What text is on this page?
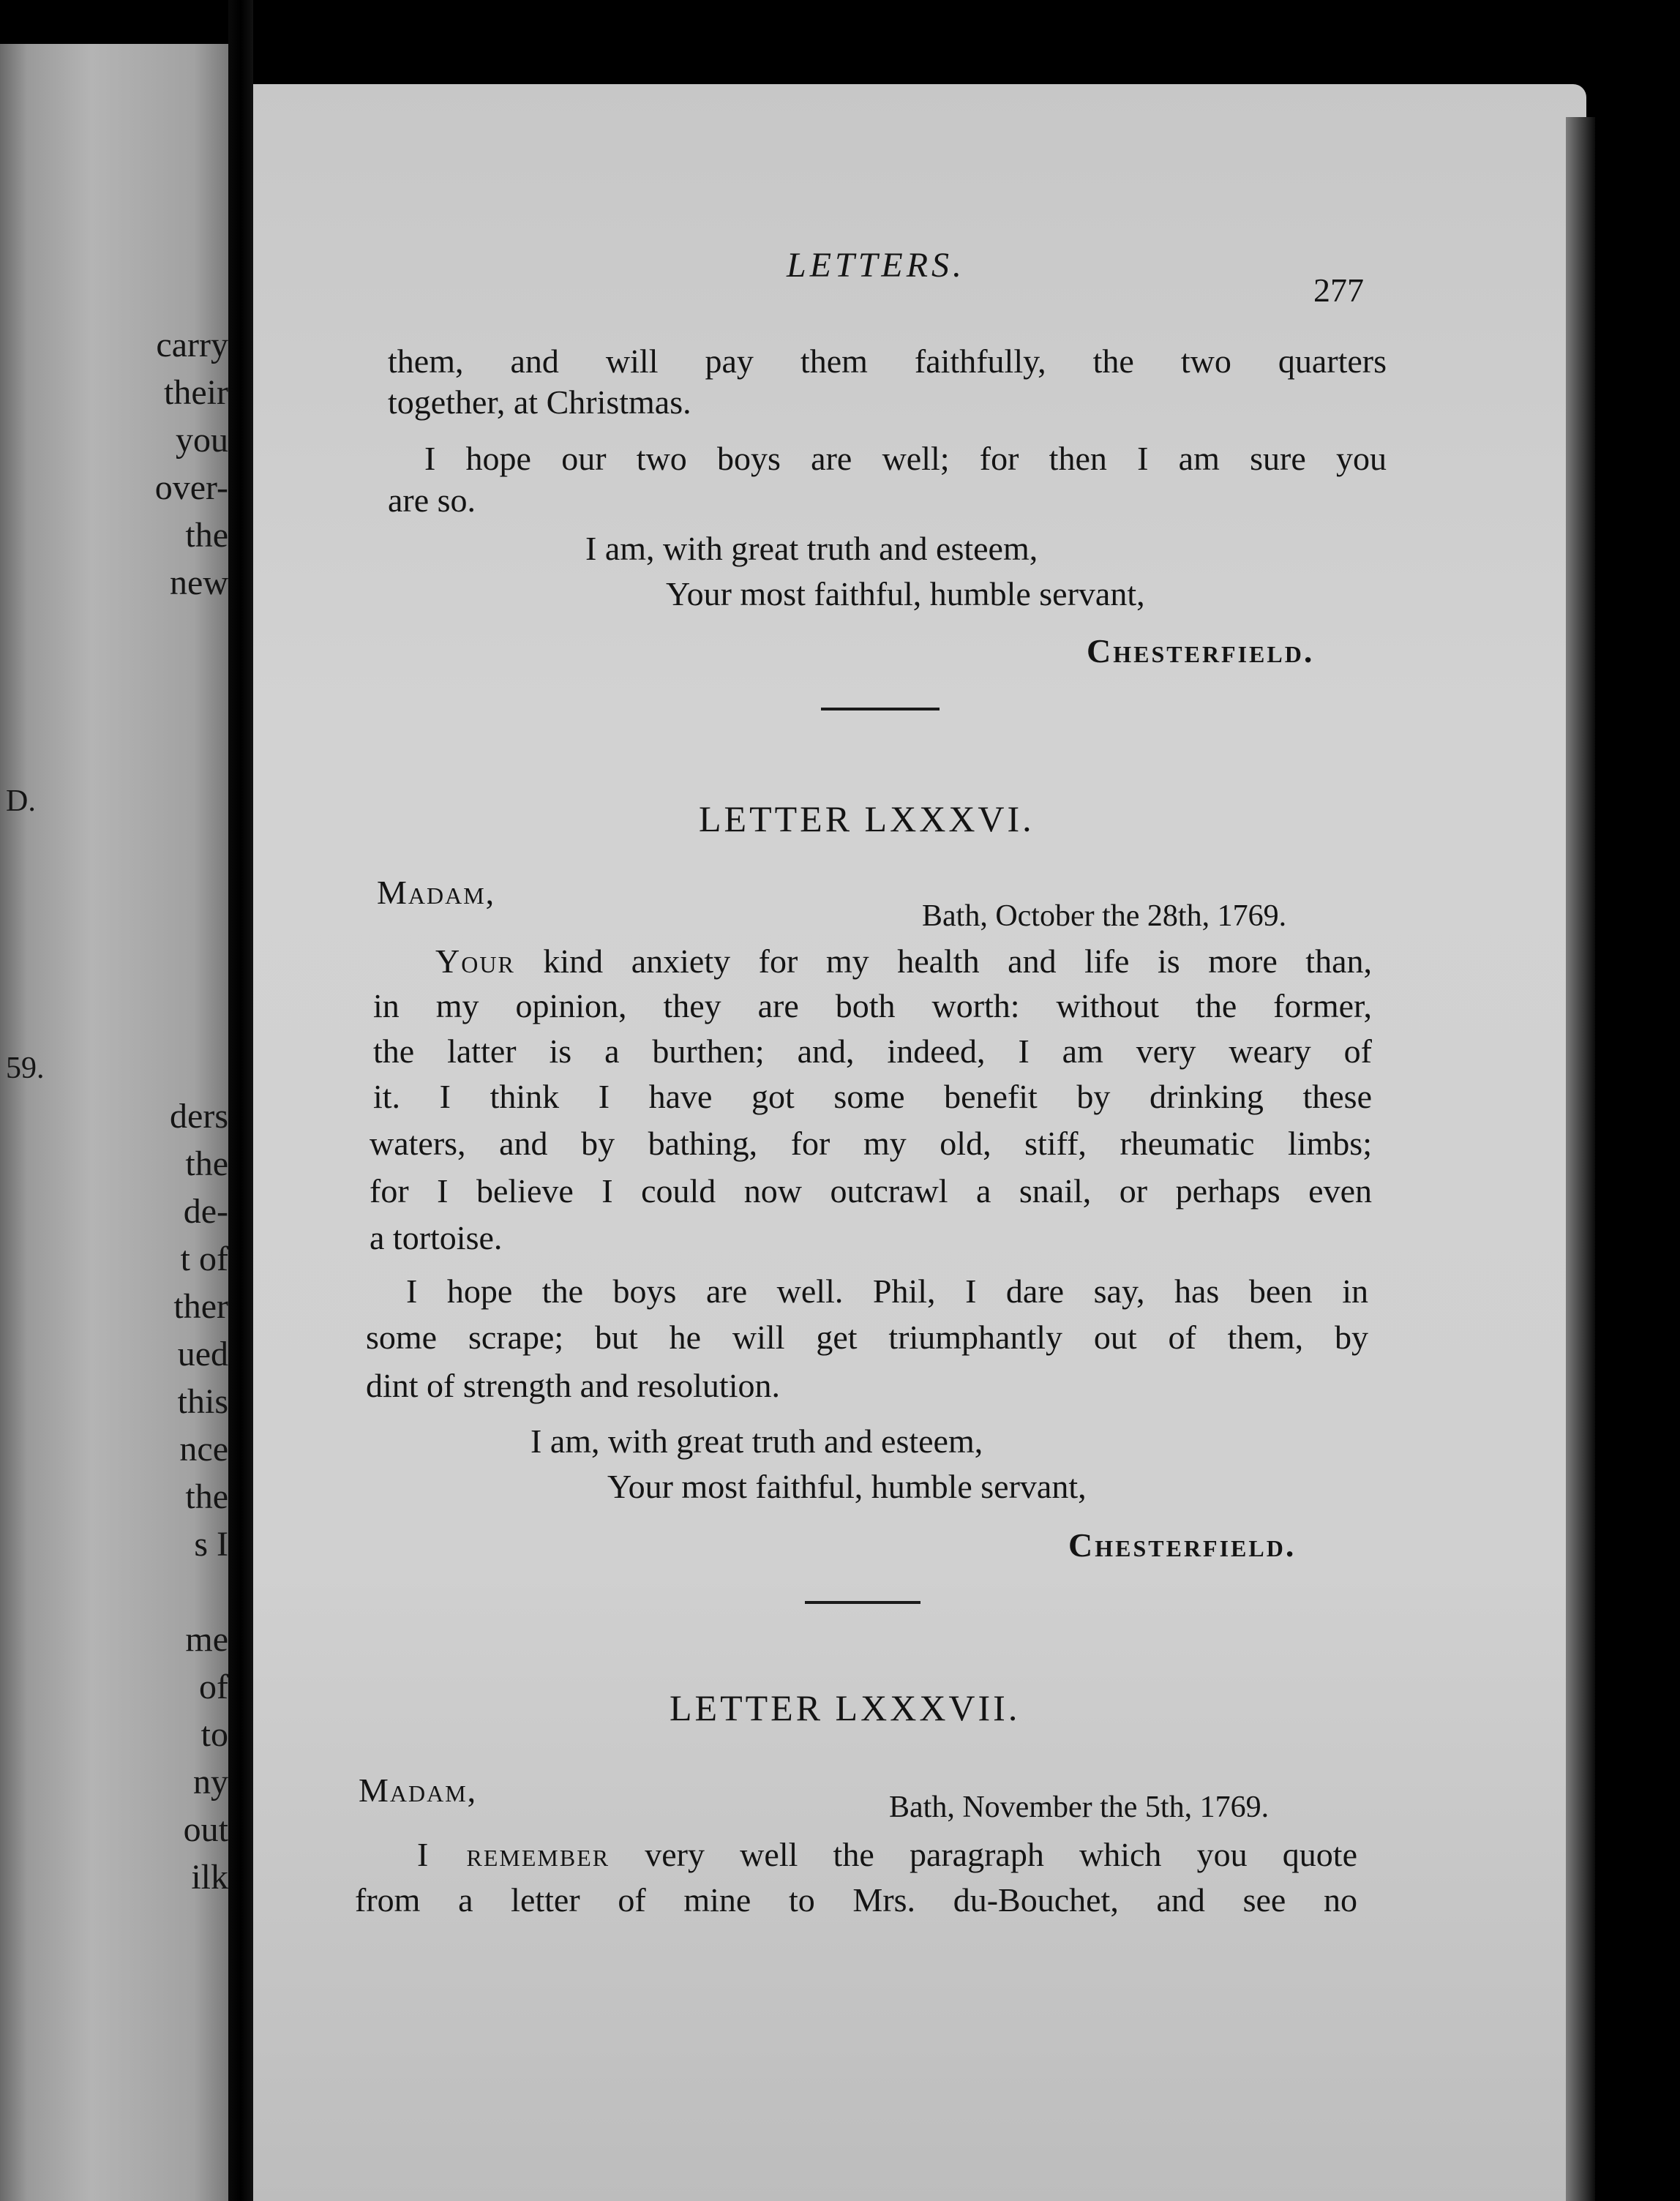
carry
their
you
over-
the
new
D.
59.
ders
the
de-
t of
ther
ued
this
nce
the
s I
me
of
to
ny
out
ilk
LETTERS.
277
them, and will pay them faithfully, the two quarters
together, at Christmas.
I hope our two boys are well; for then I am sure you
are so.
I am, with great truth and esteem,
Your most faithful, humble servant,
Chesterfield.
LETTER LXXXVI.
Madam,
Bath, October the 28th, 1769.
Your kind anxiety for my health and life is more than,
in my opinion, they are both worth: without the former,
the latter is a burthen; and, indeed, I am very weary of
it. I think I have got some benefit by drinking these
waters, and by bathing, for my old, stiff, rheumatic limbs;
for I believe I could now outcrawl a snail, or perhaps even
a tortoise.
I hope the boys are well. Phil, I dare say, has been in
some scrape; but he will get triumphantly out of them, by
dint of strength and resolution.
I am, with great truth and esteem,
Your most faithful, humble servant,
Chesterfield.
LETTER LXXXVII.
Madam,	Bath, November the 5th, 1769.
I remember very well the paragraph which you quote
from a letter of mine to Mrs. du-Bouchet, and see no
